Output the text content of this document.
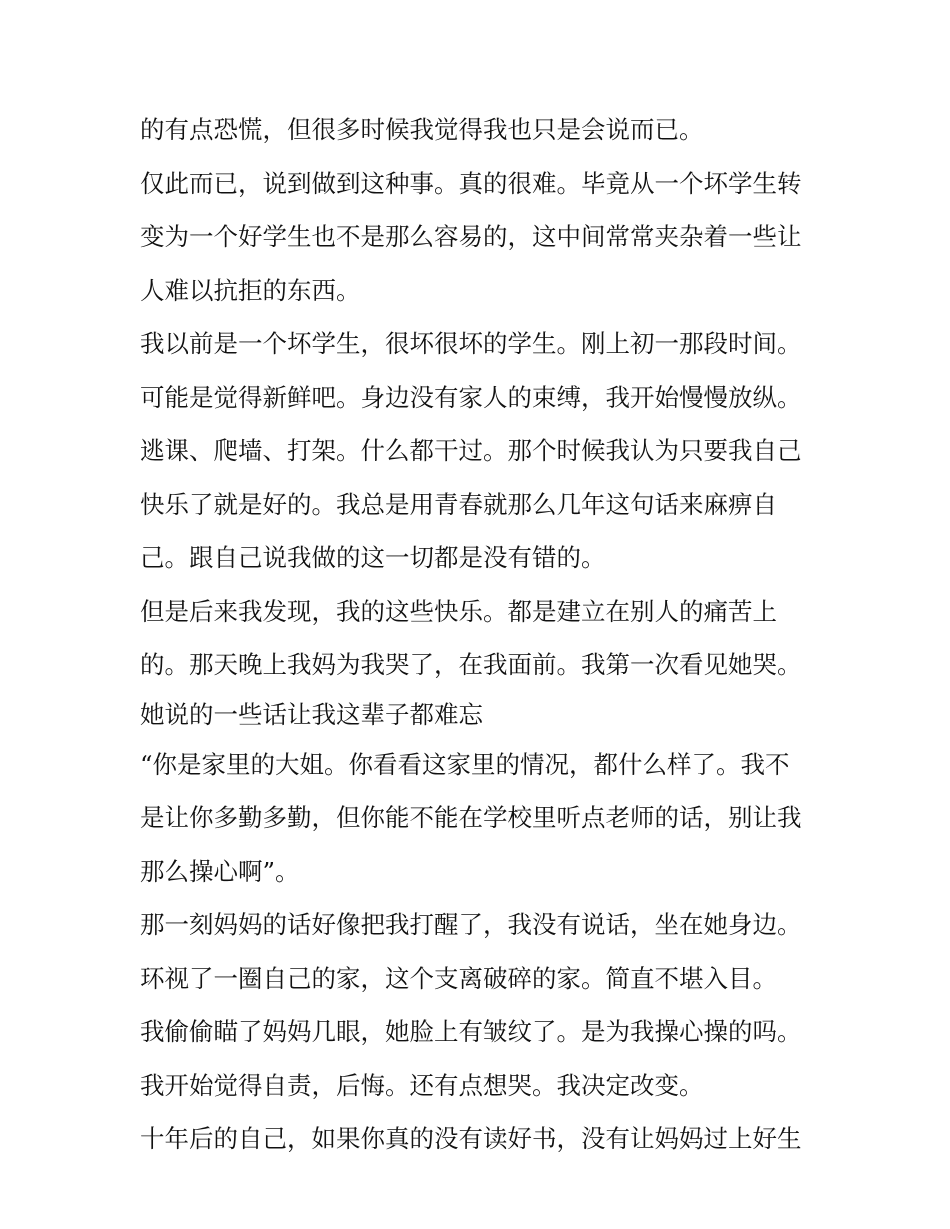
的有点恐慌，但很多时候我觉得我也只是会说而已。
仅此而已，说到做到这种事。真的很难。毕竟从一个坏学生转
变为一个好学生也不是那么容易的，这中间常常夹杂着一些让
人难以抗拒的东西。
我以前是一个坏学生，很坏很坏的学生。刚上初一那段时间。
可能是觉得新鲜吧。身边没有家人的束缚，我开始慢慢放纵。
逃课、爬墙、打架。什么都干过。那个时候我认为只要我自己
快乐了就是好的。我总是用青春就那么几年这句话来麻痹自
己。跟自己说我做的这一切都是没有错的。
但是后来我发现，我的这些快乐。都是建立在别人的痛苦上
的。那天晚上我妈为我哭了，在我面前。我第一次看见她哭。
她说的一些话让我这辈子都难忘
“你是家里的大姐。你看看这家里的情况，都什么样了。我不
是让你多勤多勤，但你能不能在学校里听点老师的话，别让我
那么操心啊”。
那一刻妈妈的话好像把我打醒了，我没有说话，坐在她身边。
环视了一圈自己的家，这个支离破碎的家。简直不堪入目。
我偷偷瞄了妈妈几眼，她脸上有皱纹了。是为我操心操的吗。
我开始觉得自责，后悔。还有点想哭。我决定改变。
十年后的自己，如果你真的没有读好书，没有让妈妈过上好生
